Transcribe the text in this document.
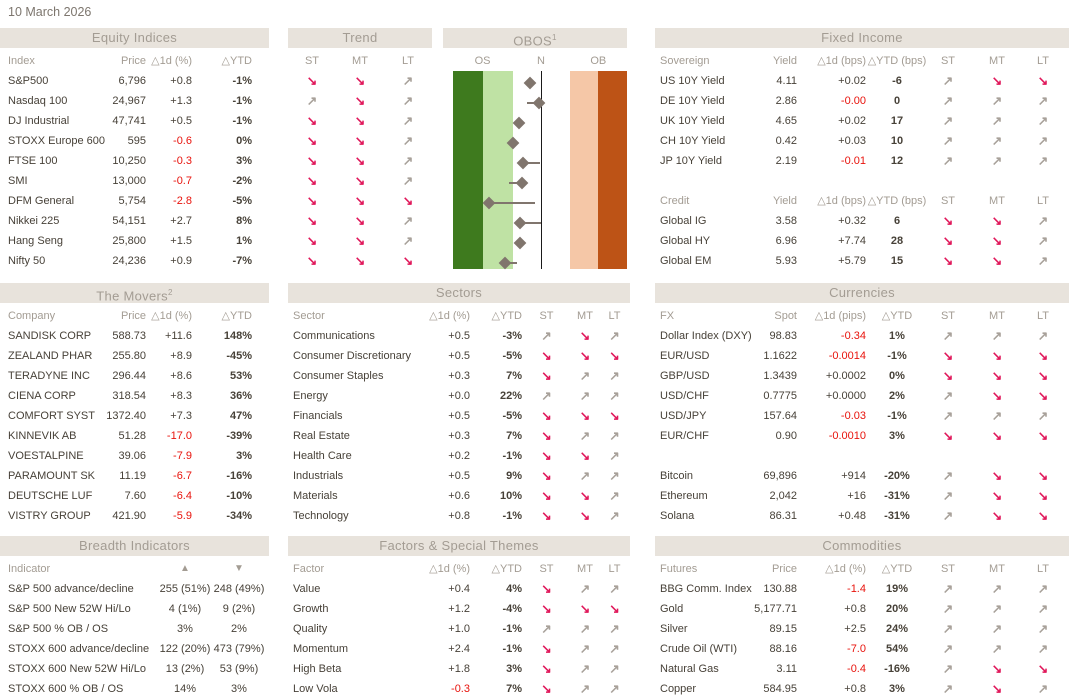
10 March 2026
Equity Indices
Index	Price △1d (%)	△YTD
S&P500	6,796	+0.8	-1%
Nasdaq 100	24,967	+1.3	-1%
DJ Industrial	47,741	+0.5	-1%
STOXX Europe 600	595	-0.6	0%
FTSE 100	10,250	-0.3	3%
SMI	13,000	-0.7	-2%
DFM General	5,754	-2.8	-5%
Nikkei 225	54,151	+2.7	8%
Hang Seng	25,800	+1.5	1%
Nifty 50	24,236	+0.9	-7%
Trend
ST	MT	LT
↘	↘	↗
↗	↘	↗
↘	↘	↗
↘	↘	↗
↘	↘	↗
↘	↘	↗
↘	↘	↘
↘	↘	↗
↘	↘	↗
↘	↘	↘
OBOS$^1$
OS	N	OB
Fixed Income
Sovereign	Yield	△1d (bps) △YTD (bps)	ST	MT	LT
US 10Y Yield	4.11	+0.02	-6	↗	↘	↘
DE 10Y Yield	2.86	-0.00	0	↗	↗	↗
UK 10Y Yield	4.65	+0.02	17	↗	↗	↗
CH 10Y Yield	0.42	+0.03	10	↗	↗	↗
JP 10Y Yield	2.19	-0.01	12	↗	↗	↗
Credit	Yield	△1d (bps) △YTD (bps)	ST	MT	LT
Global IG	3.58	+0.32	6	↘	↘	↗
Global HY	6.96	+7.74	28	↘	↘	↗
Global EM	5.93	+5.79	15	↘	↘	↗
The Movers$^2$
Company	Price △1d (%)	△YTD
SANDISK CORP	588.73	+11.6	148%
ZEALAND PHAR	255.80	+8.9	-45%
TERADYNE INC	296.44	+8.6	53%
CIENA CORP	318.54	+8.3	36%
COMFORT SYST	1372.40	+7.3	47%
KINNEVIK AB	51.28	-17.0	-39%
VOESTALPINE	39.06	-7.9	3%
PARAMOUNT SK	11.19	-6.7	-16%
DEUTSCHE LUF	7.60	-6.4	-10%
VISTRY GROUP	421.90	-5.9	-34%
Sectors
Sector	△1d (%)	△YTD	ST	MT	LT
Communications	+0.5	-3%	↗	↘	↗
Consumer Discretionary	+0.5	-5%	↘	↘	↘
Consumer Staples	+0.3	7%	↘	↗	↗
Energy	+0.0	22%	↗	↗	↗
Financials	+0.5	-5%	↘	↘	↘
Real Estate	+0.3	7%	↘	↗	↗
Health Care	+0.2	-1%	↘	↘	↗
Industrials	+0.5	9%	↘	↗	↗
Materials	+0.6	10%	↘	↘	↗
Technology	+0.8	-1%	↘	↘	↗
Currencies
FX	Spot	△1d (pips)	△YTD	ST	MT	LT
Dollar Index (DXY)	98.83	-0.34	1%	↗	↗	↗
EUR/USD	1.1622	-0.0014	-1%	↘	↘	↘
GBP/USD	1.3439	+0.0002	0%	↘	↘	↘
USD/CHF	0.7775	+0.0000	2%	↗	↘	↘
USD/JPY	157.64	-0.03	-1%	↗	↗	↗
EUR/CHF	0.90	-0.0010	3%	↘	↘	↘
Bitcoin	69,896	+914	-20%	↗	↘	↘
Ethereum	2,042	+16	-31%	↗	↘	↘
Solana	86.31	+0.48	-31%	↗	↘	↘
Breadth Indicators
Indicator	▲	▼
S&P 500 advance/decline	255 (51%) 248 (49%)
S&P 500 New 52W Hi/Lo	4 (1%)	9 (2%)
S&P 500 % OB / OS	3%	2%
STOXX 600 advance/decline 122 (20%) 473 (79%)
STOXX 600 New 52W Hi/Lo	13 (2%)	53 (9%)
STOXX 600 % OB / OS	14%	3%
Factors & Special Themes
Factor	△1d (%)	△YTD	ST	MT	LT
Value	+0.4	4%	↘	↗	↗
Growth	+1.2	-4%	↘	↘	↘
Quality	+1.0	-1%	↗	↗	↗
Momentum	+2.4	-1%	↘	↗	↗
High Beta	+1.8	3%	↘	↗	↗
Low Vola	-0.3	7%	↘	↗	↗
Commodities
Futures	Price	△1d (%)	△YTD	ST	MT	LT
BBG Comm. Index	130.88	-1.4	19%	↗	↗	↗
Gold	5,177.71	+0.8	20%	↗	↗	↗
Silver	89.15	+2.5	24%	↗	↗	↗
Crude Oil (WTI)	88.16	-7.0	54%	↗	↗	↗
Natural Gas	3.11	-0.4	-16%	↗	↘	↘
Copper	584.95	+0.8	3%	↗	↘	↗
